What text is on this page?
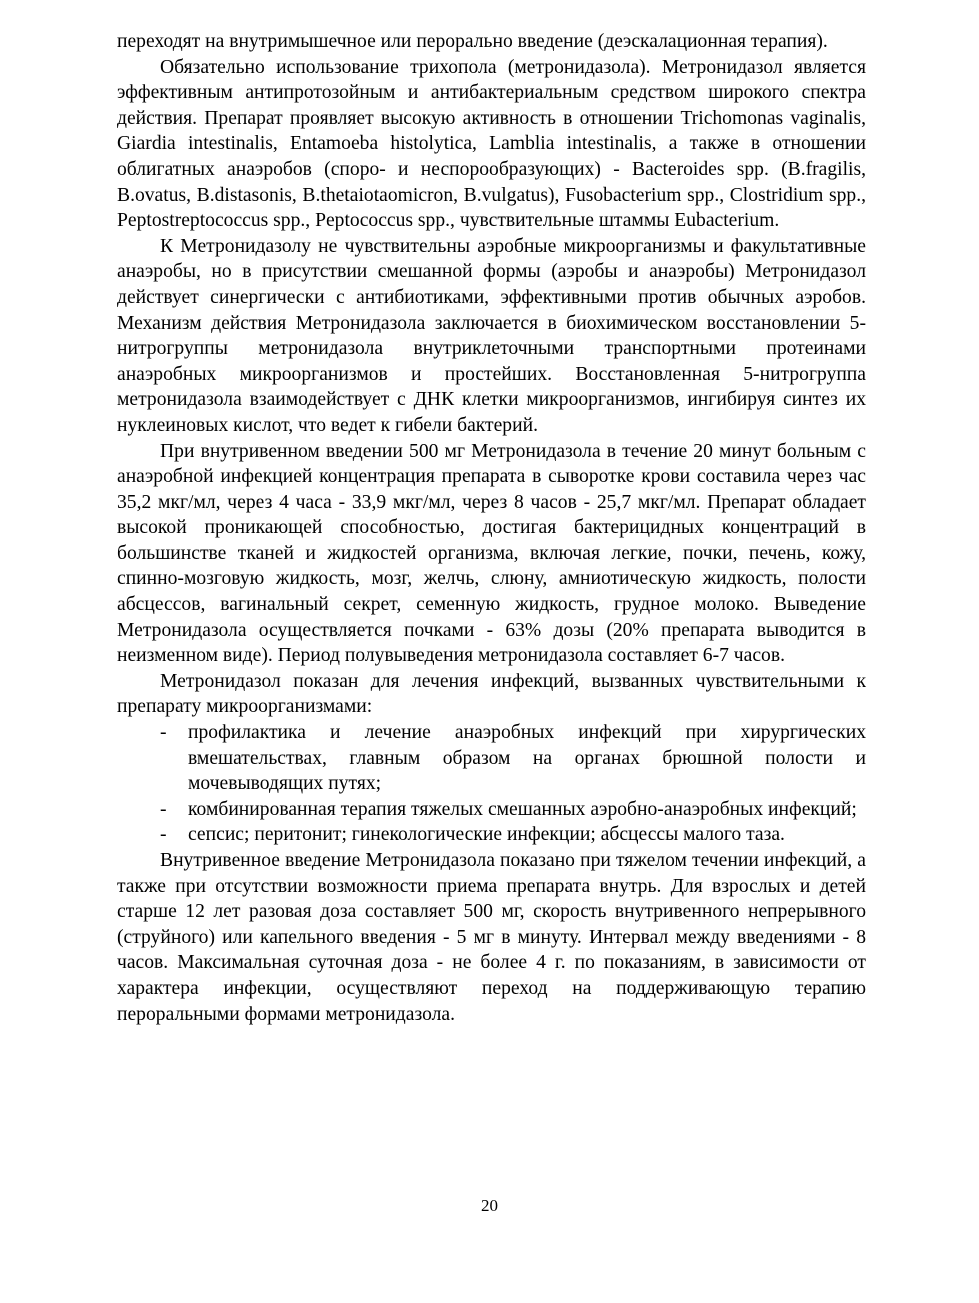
переходят на внутримышечное или перорально введение (деэскалационная терапия).

Обязательно использование трихопола (метронидазола). Метронидазол является эффективным антипротозойным и антибактериальным средством широкого спектра действия. Препарат проявляет высокую активность в отношении Trichomonas vaginalis, Giardia intestinalis, Entamoeba histolytica, Lamblia intestinalis, а также в отношении облигатных анаэробов (споро- и неспорообразующих) - Bacteroides spp. (B.fragilis, B.ovatus, B.distasonis, B.thetaiotaomicron, B.vulgatus), Fusobacterium spp., Clostridium spp., Peptostreptococcus spp., Peptococcus spp., чувствительные штаммы Eubacterium.

К Метронидазолу не чувствительны аэробные микроорганизмы и факультативные анаэробы, но в присутствии смешанной формы (аэробы и анаэробы) Метронидазол действует синергически с антибиотиками, эффективными против обычных аэробов. Механизм действия Метронидазола заключается в биохимическом восстановлении 5-нитрогруппы метронидазола внутриклеточными транспортными протеинами анаэробных микроорганизмов и простейших. Восстановленная 5-нитрогруппа метронидазола взаимодействует с ДНК клетки микроорганизмов, ингибируя синтез их нуклеиновых кислот, что ведет к гибели бактерий.

При внутривенном введении 500 мг Метронидазола в течение 20 минут больным с анаэробной инфекцией концентрация препарата в сыворотке крови составила через час 35,2 мкг/мл, через 4 часа - 33,9 мкг/мл, через 8 часов - 25,7 мкг/мл. Препарат обладает высокой проникающей способностью, достигая бактерицидных концентраций в большинстве тканей и жидкостей организма, включая легкие, почки, печень, кожу, спинно-мозговую жидкость, мозг, желчь, слюну, амниотическую жидкость, полости абсцессов, вагинальный секрет, семенную жидкость, грудное молоко. Выведение Метронидазола осуществляется почками - 63% дозы (20% препарата выводится в неизменном виде). Период полувыведения метронидазола составляет 6-7 часов.

Метронидазол показан для лечения инфекций, вызванных чувствительными к препарату микроорганизмами:

- профилактика и лечение анаэробных инфекций при хирургических вмешательствах, главным образом на органах брюшной полости и мочевыводящих путях;
- комбинированная терапия тяжелых смешанных аэробно-анаэробных инфекций;
- сепсис; перитонит; гинекологические инфекции; абсцессы малого таза.

Внутривенное введение Метронидазола показано при тяжелом течении инфекций, а также при отсутствии возможности приема препарата внутрь. Для взрослых и детей старше 12 лет разовая доза составляет 500 мг, скорость внутривенного непрерывного (струйного) или капельного введения - 5 мг в минуту. Интервал между введениями - 8 часов. Максимальная суточная доза - не более 4 г. по показаниям, в зависимости от характера инфекции, осуществляют переход на поддерживающую терапию пероральными формами метронидазола.

20
